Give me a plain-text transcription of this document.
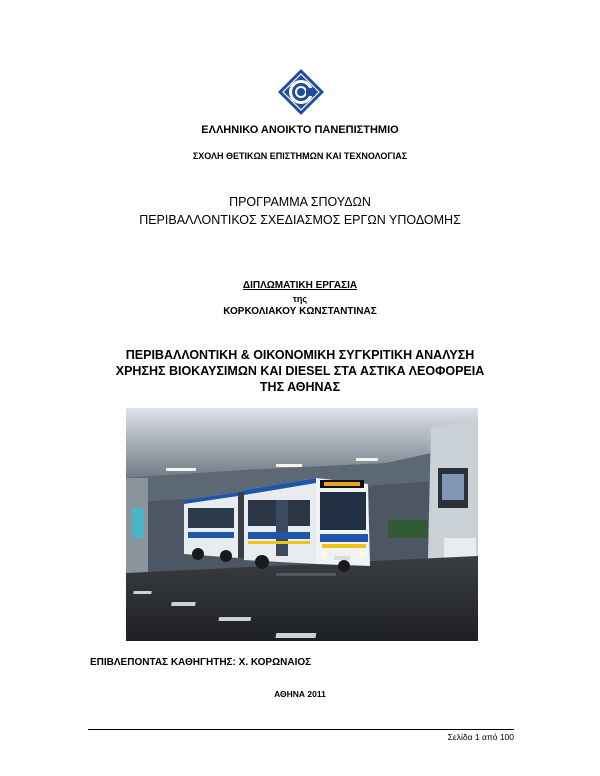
ΕΛΛΗΝΙΚΟ ΑΝΟΙΚΤΟ ΠΑΝΕΠΙΣΤΗΜΙΟ
ΣΧΟΛΗ ΘΕΤΙΚΩΝ ΕΠΙΣΤΗΜΩΝ ΚΑΙ ΤΕΧΝΟΛΟΓΙΑΣ
ΠΡΟΓΡΑΜΜΑ ΣΠΟΥΔΩΝ
ΠΕΡΙΒΑΛΛΟΝΤΙΚΟΣ ΣΧΕΔΙΑΣΜΟΣ ΕΡΓΩΝ ΥΠΟΔΟΜΗΣ
ΔΙΠΛΩΜΑΤΙΚΗ ΕΡΓΑΣΙΑ
της
ΚΟΡΚΟΛΙΑΚΟΥ ΚΩΝΣΤΑΝΤΙΝΑΣ
ΠΕΡΙΒΑΛΛΟΝΤΙΚΗ & ΟΙΚΟΝΟΜΙΚΗ ΣΥΓΚΡΙΤΙΚΗ ΑΝΑΛΥΣΗ
ΧΡΗΣΗΣ ΒΙΟΚΑΥΣΙΜΩΝ ΚΑΙ DIESEL ΣΤΑ ΑΣΤΙΚΑ ΛΕΟΦΟΡΕΙΑ
ΤΗΣ ΑΘΗΝΑΣ
ΕΠΙΒΛΕΠΟΝΤΑΣ ΚΑΘΗΓΗΤΗΣ: Χ. ΚΟΡΩΝΑΙΟΣ
ΑΘΗΝΑ 2011
Σελίδα 1 από 100
